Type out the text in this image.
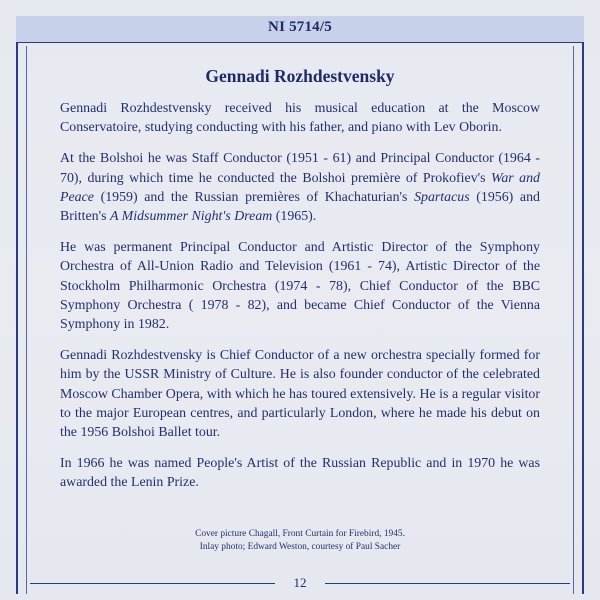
NI 5714/5
Gennadi Rozhdestvensky

Gennadi Rozhdestvensky received his musical education at the Moscow Conservatoire, studying conducting with his father, and piano with Lev Oborin.

At the Bolshoi he was Staff Conductor (1951 - 61) and Principal Conductor (1964 - 70), during which time he conducted the Bolshoi première of Prokofiev's War and Peace (1959) and the Russian premières of Khachaturian's Spartacus (1956) and Britten's A Midsummer Night's Dream (1965).

He was permanent Principal Conductor and Artistic Director of the Symphony Orchestra of All-Union Radio and Television (1961 - 74), Artistic Director of the Stockholm Philharmonic Orchestra (1974 - 78), Chief Conductor of the BBC Symphony Orchestra ( 1978 - 82), and became Chief Conductor of the Vienna Symphony in 1982.

Gennadi Rozhdestvensky is Chief Conductor of a new orchestra specially formed for him by the USSR Ministry of Culture. He is also founder conductor of the celebrated Moscow Chamber Opera, with which he has toured extensively. He is a regular visitor to the major European centres, and particularly London, where he made his debut on the 1956 Bolshoi Ballet tour.

In 1966 he was named People's Artist of the Russian Republic and in 1970 he was awarded the Lenin Prize.

Cover picture Chagall, Front Curtain for Firebird, 1945.
Inlay photo; Edward Weston, courtesy of Paul Sacher
12
